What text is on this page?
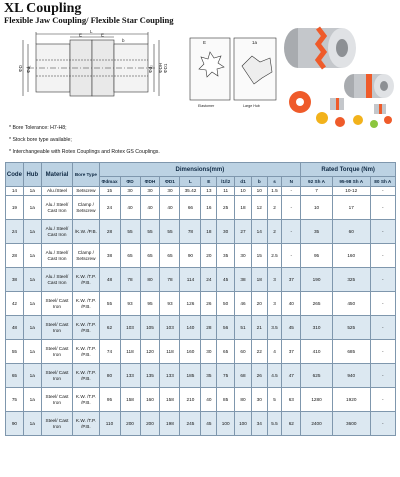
XL Coupling
Flexible Jaw Coupling/ Flexible Star Coupling
L
E	E
b
ΦD Φd₁	Φd₂ ΦDH ΦD1
E	1a
Elastomer	Large Hub
* Bore Tolerance: H7-H8;
* Stock bore type available;
* Interchangeable with Rotex Couplings and Rotex GS Couplings.
Code	Hub	Material	Bore Type	Dimensions(mm)											Rated Torque (Nm)		
				Φdmax	ΦD	ΦDH	ΦD1	L	E	l1/l2	d1	b	s	N	92 Sh A	95-98 Sh A	80 Sh A
14	1a	Alu./Steel	Setscrew	15	30	30	30	35.42	13	11	10	10	1.5	-	7	10-12	-
19	1a	Alu./ Steel/ Cast Iron	Clamp / Setscrew	24	40	40	40	66	16	25	18	12	2	-	10	17	-
24	1a	Alu./ Steel/ Cast Iron	/K.W. /P.B.	28	55	55	55	78	18	30	27	14	2	-	35	60	-
28	1a	Alu./ Steel/ Cast Iron	Clamp / Setscrew	38	65	65	65	90	20	35	30	15	2.5	-	95	160	-
38	1a	Alu./ Steel/ Cast Iron	K.W. /T.P. /P.B.	48	78	80	78	114	24	45	38	18	3	37	190	325	-
42	1a	Steel/ Cast Iron	K.W. /T.P. /P.B.	55	93	95	93	126	26	50	46	20	3	40	265	450	-
48	1a	Steel/ Cast Iron	K.W. /T.P. /P.B.	62	103	105	103	140	28	56	51	21	3.5	45	310	525	-
55	1a	Steel/ Cast Iron	K.W. /T.P. /P.B.	74	118	120	118	160	30	65	60	22	4	37	410	685	-
65	1a	Steel/ Cast Iron	K.W. /T.P. /P.B.	80	133	135	133	185	35	75	68	26	4.5	47	625	940	-
75	1a	Steel/ Cast Iron	K.W. /T.P. /P.B.	95	158	160	158	210	40	85	80	30	5	63	1280	1920	-
90	1a	Steel/ Cast Iron	K.W. /T.P. /P.B.	110	200	200	198	245	45	100	100	34	5.5	62	2400	3600	-
